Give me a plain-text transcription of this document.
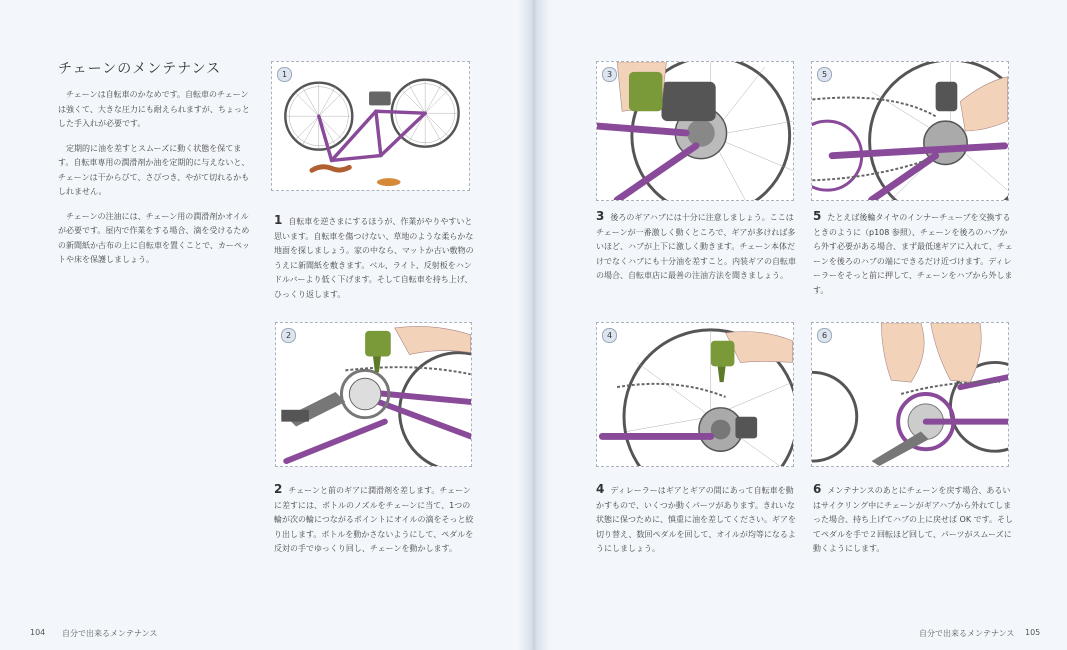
チェーンのメンテナンス

チェーンは自転車のかなめです。自転車のチェーンは強くて、大きな圧力にも耐えられますが、ちょっとした手入れが必要です。

定期的に油を差すとスムーズに動く状態を保てます。自転車専用の潤滑剤か油を定期的に与えないと、チェーンは干からびて、さびつき、やがて切れるかもしれません。

チェーンの注油には、チェーン用の潤滑剤かオイルが必要です。屋内で作業をする場合、滴を受けるための新聞紙か古布の上に自転車を置くことで、カーペットや床を保護しましょう。

1
1 自転車を逆さまにするほうが、作業がやりやすいと思います。自転車を傷つけない、草地のような柔らかな地面を探しましょう。家の中なら、マットか古い敷物のうえに新聞紙を敷きます。ベル、ライト、反射板をハンドルバーより低く下げます。そして自転車を持ち上げ、ひっくり返します。
2
2 チェーンと前のギアに潤滑剤を差します。チェーンに差すには、ボトルのノズルをチェーンに当て、1つの輪が次の輪につながるポイントにオイルの滴をそっと絞り出します。ボトルを動かさないようにして、ペダルを反対の手でゆっくり回し、チェーンを動かします。
104 自分で出来るメンテナンス
3
3 後ろのギアハブには十分に注意しましょう。ここはチェーンが一番激しく動くところで、ギアが多ければ多いほど、ハブが上下に激しく動きます。チェーン本体だけでなくハブにも十分油を差すこと。内装ギアの自転車の場合、自転車店に最善の注油方法を聞きましょう。
5
5 たとえば後輪タイヤのインナーチューブを交換するときのように（p108 参照）、チェーンを後ろのハブから外す必要がある場合、まず最低速ギアに入れて、チェーンを後ろのハブの端にできるだけ近づけます。ディレーラーをそっと前に押して、チェーンをハブから外します。
4
4 ディレーラーはギアとギアの間にあって自転車を動かすもので、いくつか動くパーツがあります。きれいな状態に保つために、慎重に油を差してください。ギアを切り替え、数回ペダルを回して、オイルが均等になるようにしましょう。
6
6 メンテナンスのあとにチェーンを戻す場合、あるいはサイクリング中にチェーンがギアハブから外れてしまった場合、持ち上げてハブの上に戻せば OK です。そしてペダルを手で２回転ほど回して、パーツがスムーズに動くようにします。
自分で出来るメンテナンス 105
